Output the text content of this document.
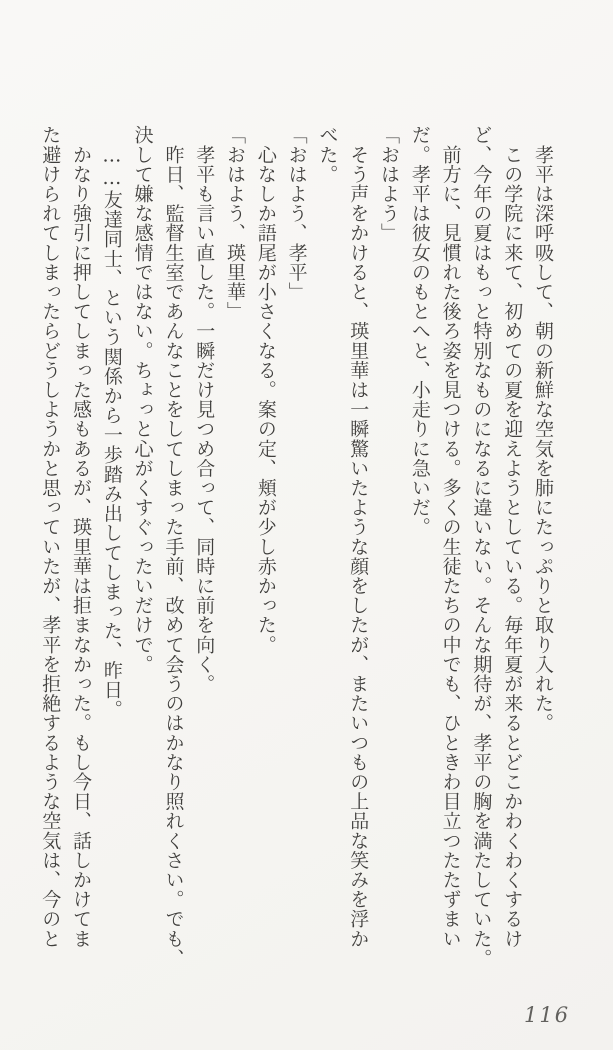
　孝平は深呼吸して、朝の新鮮な空気を肺にたっぷりと取り入れた。

　この学院に来て、初めての夏を迎えようとしている。毎年夏が来るとどこかわくわくするけ

ど、今年の夏はもっと特別なものになるに違いない。そんな期待が、孝平の胸を満たしていた。

　前方に、見慣れた後ろ姿を見つける。多くの生徒たちの中でも、ひときわ目立つたたずまい

だ。孝平は彼女のもとへと、小走りに急いだ。

「おはよう」

　そう声をかけると、瑛里華は一瞬驚いたような顔をしたが、またいつもの上品な笑みを浮か

べた。

「おはよう、孝平」

　心なしか語尾が小さくなる。案の定、頬が少し赤かった。

「おはよう、瑛里華」

　孝平も言い直した。一瞬だけ見つめ合って、同時に前を向く。

　昨日、監督生室であんなことをしてしまった手前、改めて会うのはかなり照れくさい。でも、

決して嫌な感情ではない。ちょっと心がくすぐったいだけで。

　……友達同士、という関係から一歩踏み出してしまった、昨日。

　かなり強引に押してしまった感もあるが、瑛里華は拒まなかった。もし今日、話しかけてま

た避けられてしまったらどうしようかと思っていたが、孝平を拒絶するような空気は、今のと

116
